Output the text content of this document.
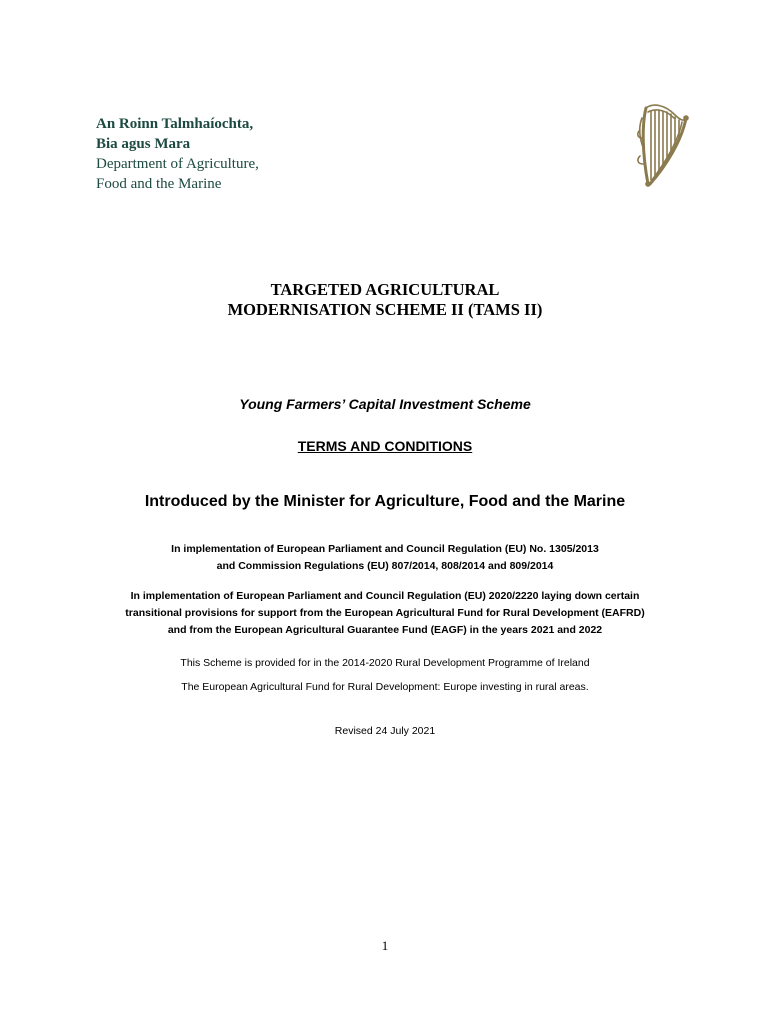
An Roinn Talmhaíochta,
Bia agus Mara
Department of Agriculture,
Food and the Marine
TARGETED AGRICULTURAL
MODERNISATION SCHEME II (TAMS II)
Young Farmers’ Capital Investment Scheme
TERMS AND CONDITIONS
Introduced by the Minister for Agriculture, Food and the Marine
In implementation of European Parliament and Council Regulation (EU) No. 1305/2013
and Commission Regulations (EU) 807/2014, 808/2014 and 809/2014
In implementation of European Parliament and Council Regulation (EU) 2020/2220 laying down certain
transitional provisions for support from the European Agricultural Fund for Rural Development (EAFRD)
and from the European Agricultural Guarantee Fund (EAGF) in the years 2021 and 2022
This Scheme is provided for in the 2014-2020 Rural Development Programme of Ireland
The European Agricultural Fund for Rural Development: Europe investing in rural areas.
Revised 24 July 2021
1
